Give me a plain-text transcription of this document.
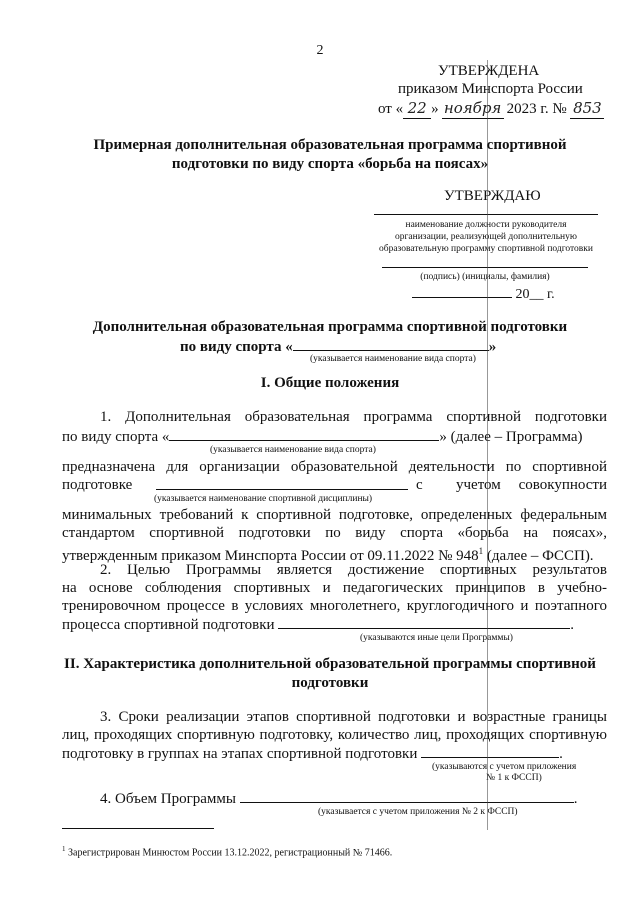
2
УТВЕРЖДЕНА
приказом Минспорта России
от « 22 » ноября 2023 г. № 853
Примерная дополнительная образовательная программа спортивной
подготовки по виду спорта «борьба на поясах»
УТВЕРЖДАЮ
наименование должности руководителя
организации, реализующей дополнительную
образовательную программу спортивной подготовки
(подпись) (инициалы, фамилия)
20__ г.
Дополнительная образовательная программа спортивной подготовки
по виду спорта «	»
(указывается наименование вида спорта)
I. Общие положения
1. Дополнительная образовательная программа спортивной подготовки
по виду спорта «	» (далее – Программа)
(указывается наименование вида спорта)
предназначена для организации образовательной деятельности по спортивной
подготовке	с учетом совокупности
(указывается наименование спортивной дисциплины)
минимальных требований к спортивной подготовке, определенных федеральным
стандартом спортивной подготовки по виду спорта «борьба на поясах»,
утвержденным приказом Минспорта России от 09.11.2022 № $948^1$ (далее – ФССП).
2. Целью Программы является достижение спортивных результатов
на основе соблюдения спортивных и педагогических принципов в учебно-
тренировочном процессе в условиях многолетнего, круглогодичного и поэтапного
процесса спортивной подготовки	.
(указываются иные цели Программы)
II. Характеристика дополнительной образовательной программы спортивной
подготовки
3. Сроки реализации этапов спортивной подготовки и возрастные границы
лиц, проходящих спортивную подготовку, количество лиц, проходящих спортивную
подготовку в группах на этапах спортивной подготовки	.
(указываются с учетом приложения
№ 1 к ФССП)
4. Объем Программы	.
(указывается с учетом приложения № 2 к ФССП)
$^1$ Зарегистрирован Минюстом России 13.12.2022, регистрационный № 71466.
